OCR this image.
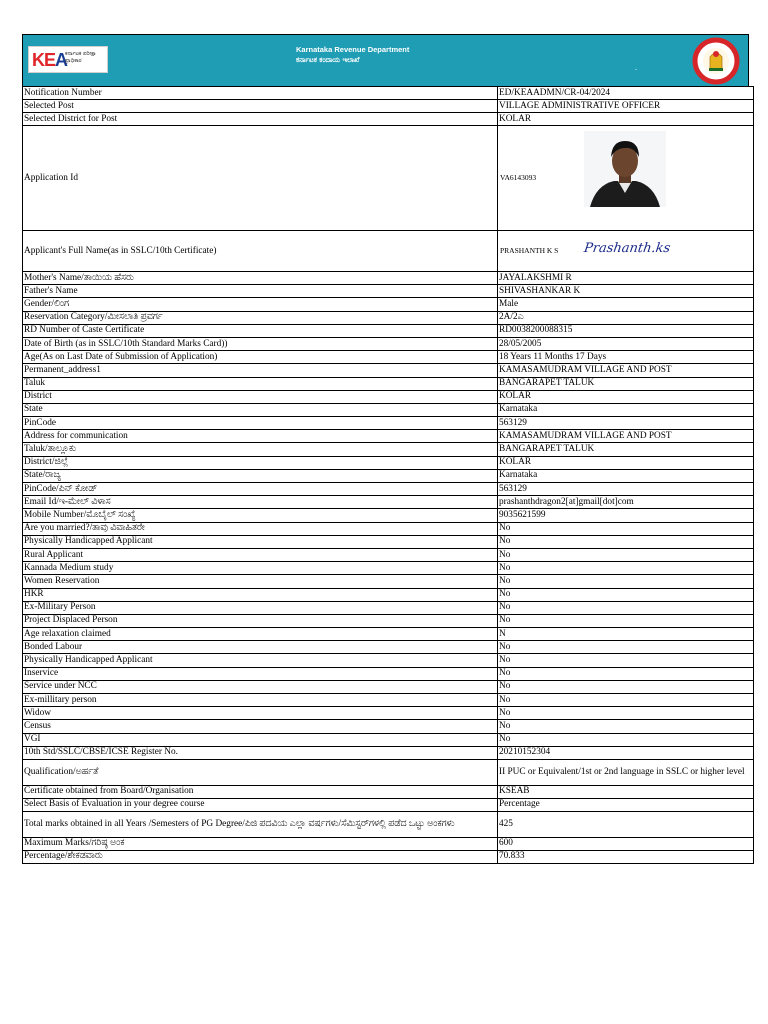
KEA
ಕರ್ನಾಟಕ ಪರೀಕ್ಷಾ
ಪ್ರಾಧಿಕಾರ
Karnataka Revenue Department
ಕರ್ನಾಟಕ ಕಂದಾಯ ಇಲಾಖೆ
.
Notification Number	ED/KEAADMN/CR-04/2024
Selected Post	VILLAGE ADMINISTRATIVE OFFICER
Selected District for Post	KOLAR
Application Id	VA6143093

Applicant's Full Name(as in SSLC/10th Certificate)	PRASHANTH K S Prashanth.ks

Mother's Name/ತಾಯಿಯ ಹೆಸರು	JAYALAKSHMI R
Father's Name	SHIVASHANKAR K
Gender/ಲಿಂಗ	Male
Reservation Category/ಮೀಸಲಾತಿ ಪ್ರವರ್ಗ	2A/2ಎ
RD Number of Caste Certificate	RD0038200088315
Date of Birth (as in SSLC/10th Standard Marks Card))	28/05/2005
Age(As on Last Date of Submission of Application)	18 Years 11 Months 17 Days
Permanent_address1	KAMASAMUDRAM VILLAGE AND POST
Taluk	BANGARAPET TALUK
District	KOLAR
State	Karnataka
PinCode	563129
Address for communication	KAMASAMUDRAM VILLAGE AND POST
Taluk/ತಾಲ್ಲೂಕು	BANGARAPET TALUK
District/ಜಿಲ್ಲೆ	KOLAR
State/ರಾಜ್ಯ	Karnataka
PinCode/ಪಿನ್ ಕೋಡ್	563129
Email Id/ಇ-ಮೇಲ್ ವಿಳಾಸ	prashanthdragon2[at]gmail[dot]com
Mobile Number/ಮೊಬೈಲ್ ಸಂಖ್ಯೆ	9035621599
Are you married?/ತಾವು ವಿವಾಹಿತರೇ	No
Physically Handicapped Applicant	No
Rural Applicant	No
Kannada Medium study	No
Women Reservation	No
HKR	No
Ex-Military Person	No
Project Displaced Person	No
Age relaxation claimed	N
Bonded Labour	No
Physically Handicapped Applicant	No
Inservice	No
Service under NCC	No
Ex-millitary person	No
Widow	No
Census	No
VGI	No
10th Std/SSLC/CBSE/ICSE Register No.	20210152304
Qualification/ಅರ್ಹತೆ	II PUC or Equivalent/1st or 2nd language in SSLC or higher level
Certificate obtained from Board/Organisation	KSEAB
Select Basis of Evaluation in your degree course	Percentage
Total marks obtained in all Years /Semesters of PG Degree/ಪಿಜಿ ಪದವಿಯ ಎಲ್ಲಾ ವರ್ಷಗಳು/ಸೆಮಿಸ್ಟರ್‌ಗಳಲ್ಲಿ ಪಡೆದ ಒಟ್ಟು ಅಂಕಗಳು	425
Maximum Marks/ಗರಿಷ್ಠ ಅಂಕ	600
Percentage/ಶೇಕಡವಾರು	70.833
